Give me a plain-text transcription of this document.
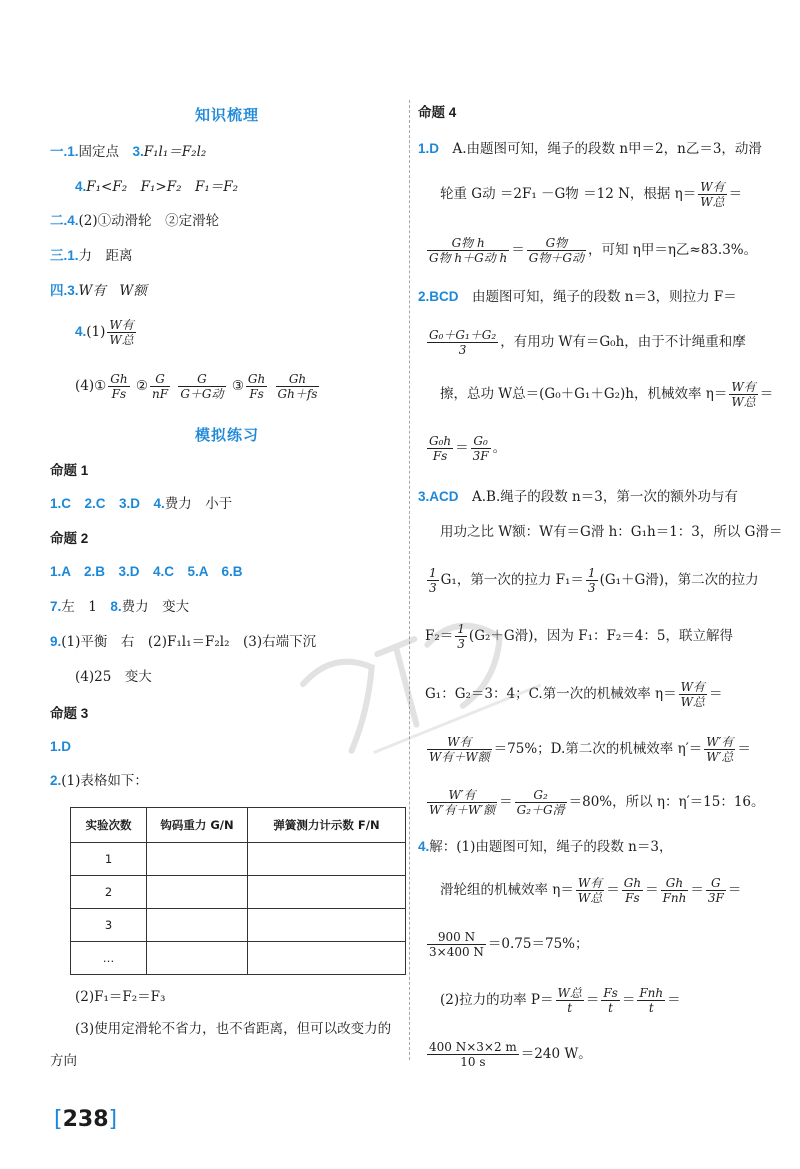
知识梳理
一.1.固定点　 3.F₁l₁＝F₂l₂
4.F₁<F₂　F₁>F₂　F₁＝F₂
二.4.(2)①动滑轮　②定滑轮
三.1.力　距离
四.3.W有　W额
$4.(1) \frac{\text{W有}}{\text{W总}}$
(4)① $\frac{Gh}{Fs}$ ② $\frac{G}{nF}$
$\frac{G}{\text{G＋G动}}$ ③ $\frac{Gh}{Fs}$
$\frac{Gh}{Gh+fs}$
模拟练习
命题 1
1.C　2.C　3.D　4.费力　小于
命题 2
1.A　2.B　3.D　4.C　5.A　6.B
7.左　1　 8.费力　变大
9.(1)平衡　右　(2)F₁l₁＝F₂l₂　(3)右端下沉
(4)25　变大
命题 3
1.D
2.(1)表格如下：
实验次数	钩码重力 G/N	弹簧测力计示数 F/N
1		
2		
3		
…		
(2)F₁＝F₂＝F₃
(3)使用定滑轮不省力，也不省距离，但可以改变力的
方向
命题 4
1.D　 A.由题图可知，绳子的段数 n甲＝2，n乙＝3，动滑
轮重 G动 ＝2F₁ －G物 ＝12 N，根据 $\eta= \frac{\text{W有}}{\text{W总}}$ ＝
$\frac{\text{G物 h}}{\text{G物 h＋G动 h}} = \frac{\text{G物}}{\text{G物＋G动}}$ ，可知 η甲＝η乙≈83.3%。
2.BCD　 由题图可知，绳子的段数 n＝3，则拉力 F＝
$\frac{\text{G₀＋G₁＋G₂}}{3}$ ，有用功 W有＝G₀h，由于不计绳重和摩
擦，总功 W总＝(G₀＋G₁＋G₂)h，机械效率 $\eta= \frac{\text{W有}}{\text{W总}}$ ＝
$\frac{\text{G₀h}}{Fs} = \frac{\text{G₀}}{3F}$ 。
3.ACD　 A.B.绳子的段数 n＝3，第一次的额外功与有
用功之比 W额：W有＝G滑 h：G₁h＝1：3，所以 G滑＝
$\frac{1}{3} G_1$，第一次的拉力 $F_1= \frac{1}{3} (G_1+G$滑)，第二次的拉力
$F_2= \frac{1}{3} (G_2+G$滑)，因为 F₁：F₂＝4：5，联立解得
G₁：G₂＝3：4；C.第一次的机械效率 $\eta= \frac{\text{W有}}{\text{W总}}$ ＝
$\frac{\text{W有}}{\text{W有＋W额}} =75\%$；D.第二次的机械效率 $\eta'= \frac{\text{W′有}}{\text{W′总}}$ ＝
$\frac{\text{W′有}}{\text{W′有＋W′额}} = \frac{\text{G₂}}{\text{G₂＋G滑}} =80\%$，所以 η：η′＝15：16。
4.解：(1)由题图可知，绳子的段数 n＝3，
滑轮组的机械效率 $\eta= \frac{\text{W有}}{\text{W总}} = \frac{Gh}{Fs} = \frac{Gh}{\text{Fnh}} = \frac{G}{3F}$ ＝
$\frac{900 N}{3\times 400 N} =0.75=75\%$；
(2)拉力的功率 $P= \frac{\text{W总}}{t} = \frac{Fs}{t} = \frac{\text{Fnh}}{t}$ ＝
$\frac{400 N\times 3\times 2 m}{10 s} =240$ W。
[238]
